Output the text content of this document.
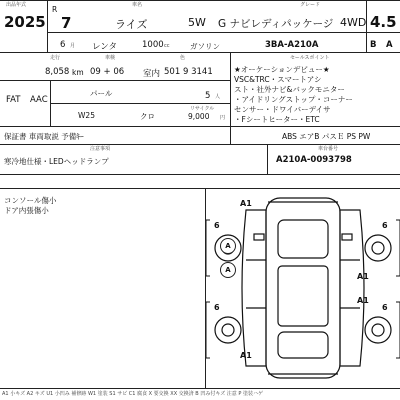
出品年式
2025
車名
R	グレード
7	ライズ	5W G ナビレディパッケージ 4WD 4.5
6 月 レンタ	1000 cc	ガソリン	3BA-A210A	B A
走行	車検	色
8,058 km 09 + 06 室内 501 9 3141
FAT AAC
パール	5 人
W25	クロ
リサイクル
9,000 円
保証書 車両取説 予備ｷｰ
セールスポイント
★オーケーションデビュー★
VSC&TRC・スマートアシ
スト・社外ナビ&バックモニター
・アイドリングストップ・コーナー
センサー・ドワイバーデイサ
・Fシートヒーター・ETC
ABS エアB パスＥ PS PW
注意事項
寒冷地仕様・LEDヘッドランプ
車台番号
A210A-0093798
コンソール傷小
ドア内張傷小
A1
A1
A1
A1
6	6
6	6
A
A
A1 小キズ A2 キズ U1 小凹み 補修跡 W1 塗装 S1 サビ C1 腐食 X 要交換 XX 交換済 B 凹み付キズ 注意 P 塗装ハゲ
